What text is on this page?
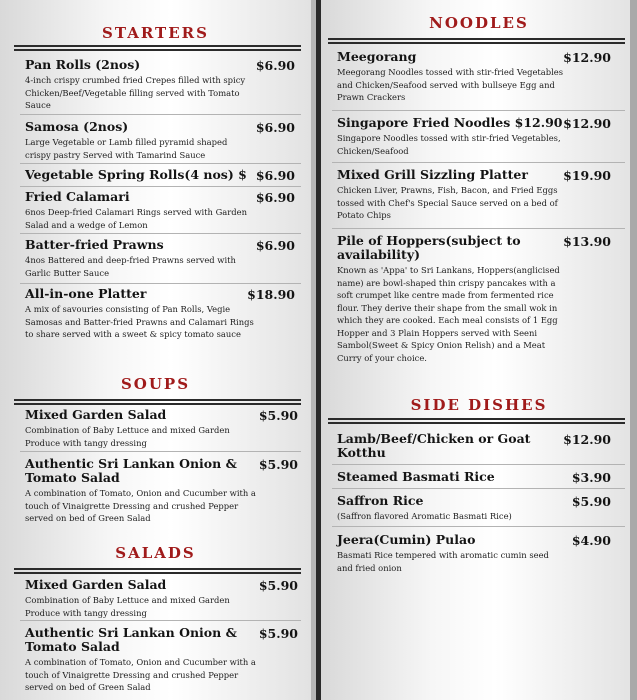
STARTERS
Pan Rolls (2nos)	$6.90
4-inch crispy crumbed fried Crepes filled with spicy Chicken/Beef/Vegetable filling served with Tomato Sauce
Samosa (2nos)	$6.90
Large Vegetable or Lamb filled pyramid shaped crispy pastry Served with Tamarind Sauce
Vegetable Spring Rolls(4 nos) $ $6.90
Fried Calamari	$6.90
6nos Deep-fried Calamari Rings served with Garden Salad and a wedge of Lemon
Batter-fried Prawns	$6.90
4nos Battered and deep-fried Prawns served with Garlic Butter Sauce
All-in-one Platter	$18.90
A mix of savouries consisting of Pan Rolls, Vegie Samosas and Batter-fried Prawns and Calamari Rings to share served with a sweet & spicy tomato sauce
SOUPS
Mixed Garden Salad	$5.90
Combination of Baby Lettuce and mixed Garden Produce with tangy dressing
Authentic Sri Lankan Onion & Tomato Salad
$5.90
A combination of Tomato, Onion and Cucumber with a touch of Vinaigrette Dressing and crushed Pepper served on bed of Green Salad
SALADS
Mixed Garden Salad	$5.90
Combination of Baby Lettuce and mixed Garden Produce with tangy dressing
Authentic Sri Lankan Onion & Tomato Salad
$5.90
A combination of Tomato, Onion and Cucumber with a touch of Vinaigrette Dressing and crushed Pepper served on bed of Green Salad
NOODLES
Meegorang	$12.90
Meegorang Noodles tossed with stir-fried Vegetables and Chicken/Seafood served with bullseye Egg and Prawn Crackers
Singapore Fried Noodles $12.90 $12.90
Singapore Noodles tossed with stir-fried Vegetables, Chicken/Seafood
Mixed Grill Sizzling Platter	$19.90
Chicken Liver, Prawns, Fish, Bacon, and Fried Eggs tossed with Chef's Special Sauce served on a bed of Potato Chips
Pile of Hoppers(subject to availability)
$13.90
Known as 'Appa' to Sri Lankans, Hoppers(anglicised name) are bowl-shaped thin crispy pancakes with a soft crumpet like centre made from fermented rice flour. They derive their shape from the small wok in which they are cooked. Each meal consists of 1 Egg Hopper and 3 Plain Hoppers served with Seeni Sambol(Sweet & Spicy Onion Relish) and a Meat Curry of your choice.
SIDE DISHES
Lamb/Beef/Chicken or Goat Kotthu
$12.90
Steamed Basmati Rice	$3.90
Saffron Rice	$5.90
(Saffron flavored Aromatic Basmati Rice)
Jeera(Cumin) Pulao	$4.90
Basmati Rice tempered with aromatic cumin seed and fried onion
